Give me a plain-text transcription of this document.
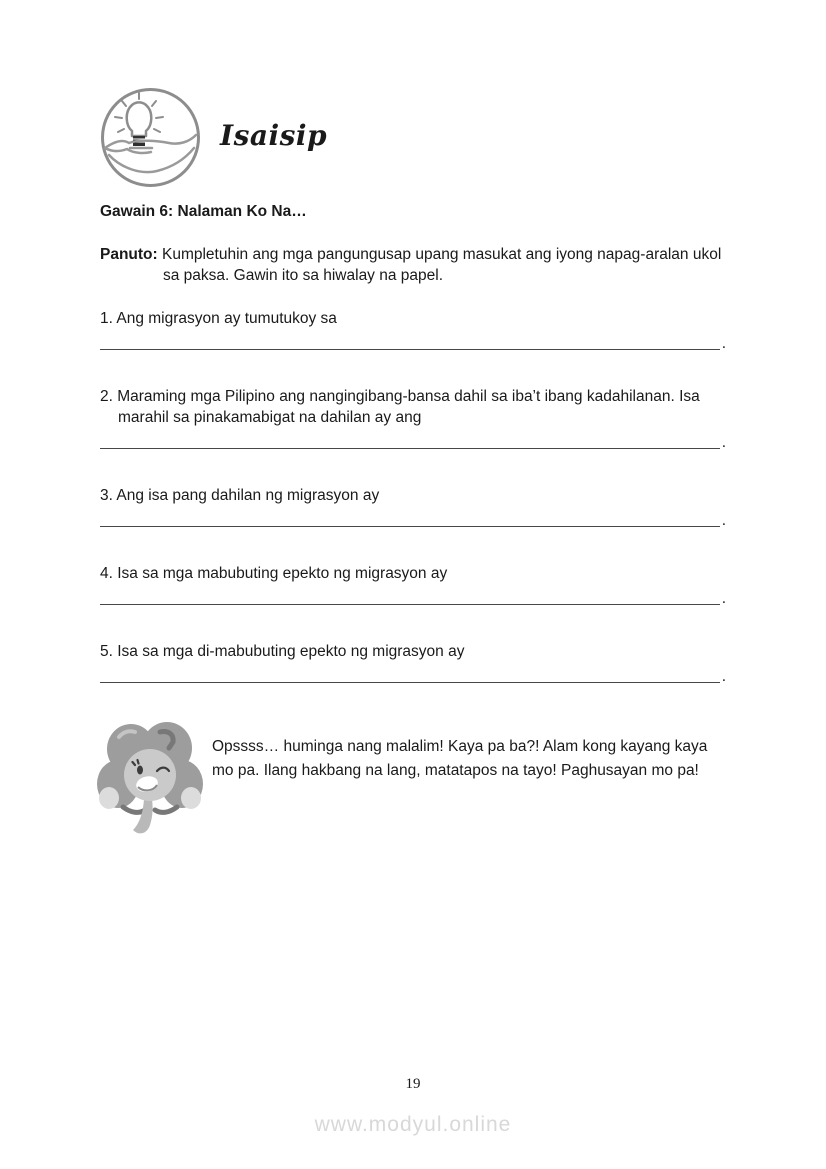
Isaisip

Gawain 6: Nalaman Ko Na…

Panuto: Kumpletuhin ang mga pangungusap upang masukat ang iyong napag-aralan ukol sa paksa. Gawin ito sa hiwalay na papel.

1. Ang migrasyon ay tumutukoy sa

.

2. Maraming mga Pilipino ang nangingibang-bansa dahil sa iba’t ibang kadahilanan. Isa marahil sa pinakamabigat na dahilan ay ang

.

3. Ang isa pang dahilan ng migrasyon ay

.

4. Isa sa mga mabubuting epekto ng migrasyon ay

.

5. Isa sa mga di-mabubuting epekto ng migrasyon ay

.

Opssss… huminga nang malalim! Kaya pa ba?! Alam kong kayang kaya mo pa. Ilang hakbang na lang, matatapos na tayo! Paghusayan mo pa!

19
www.modyul.online
